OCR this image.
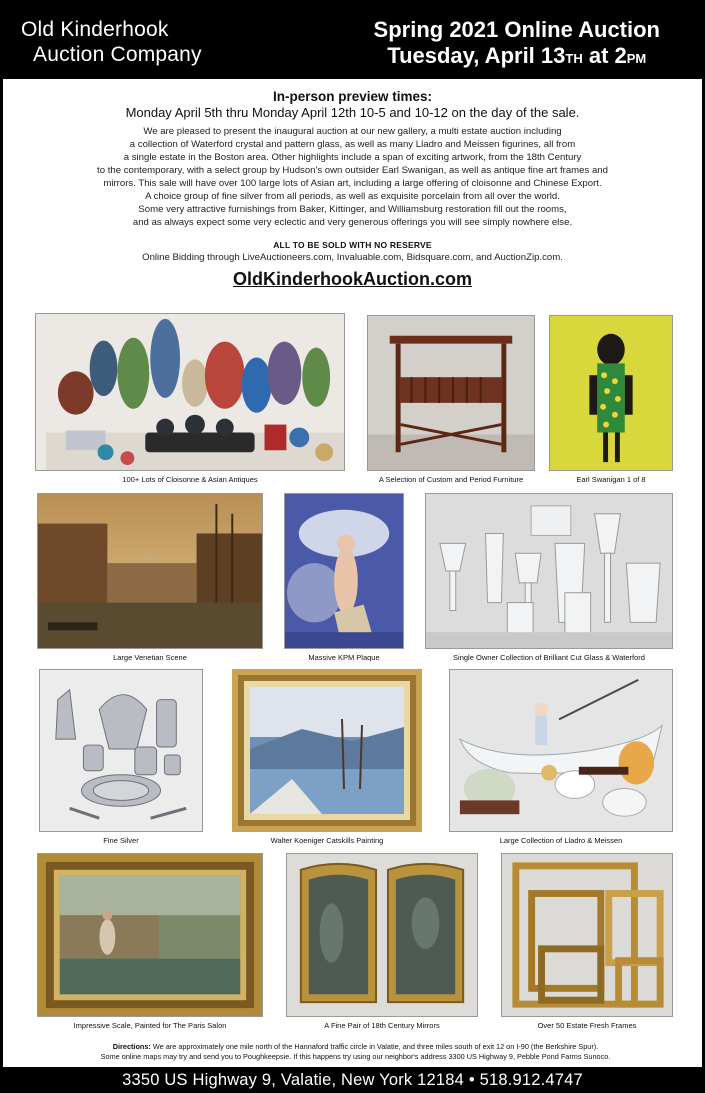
Old Kinderhook
Auction Company
Spring 2021 Online Auction
Tuesday, April 13TH at 2PM
In-person preview times:
Monday April 5th thru Monday April 12th 10-5 and 10-12 on the day of the sale.
We are pleased to present the inaugural auction at our new gallery, a multi estate auction including
a collection of Waterford crystal and pattern glass, as well as many Lladro and Meissen figurines, all from
a single estate in the Boston area. Other highlights include a span of exciting artwork, from the 18th Century
to the contemporary, with a select group by Hudson's own outsider Earl Swanigan, as well as antique fine art frames and
mirrors. This sale will have over 100 large lots of Asian art, including a large offering of cloisonne and Chinese Export.
A choice group of fine silver from all periods, as well as exquisite porcelain from all over the world.
Some very attractive furnishings from Baker, Kittinger, and Williamsburg restoration fill out the rooms,
and as always expect some very eclectic and very generous offerings you will see simply nowhere else.
ALL TO BE SOLD WITH NO RESERVE
Online Bidding through LiveAuctioneers.com, Invaluable.com, Bidsquare.com, and AuctionZip.com.
OldKinderhookAuction.com
100+ Lots of Cloisonne & Asian Antiques	A Selection of Custom and Period Furniture	Earl Swanigan 1 of 8
Large Venetian Scene	Massive KPM Plaque	Single Owner Collection of Brilliant Cut Glass & Waterford
Fine Silver	Walter Koeniger Catskills Painting	Large Collection of Lladro & Meissen
Impressive Scale, Painted for The Paris Salon	A Fine Pair of 18th Century Mirrors	Over 50 Estate Fresh Frames
Directions: We are approximately one mile north of the Hannaford traffic circle in Valatie, and three miles south of exit 12 on I-90 (the Berkshire Spur).
Some online maps may try and send you to Poughkeepsie. If this happens try using our neighbor's address 3300 US Highway 9, Pebble Pond Farms Sunoco.
3350 US Highway 9, Valatie, New York 12184 • 518.912.4747
